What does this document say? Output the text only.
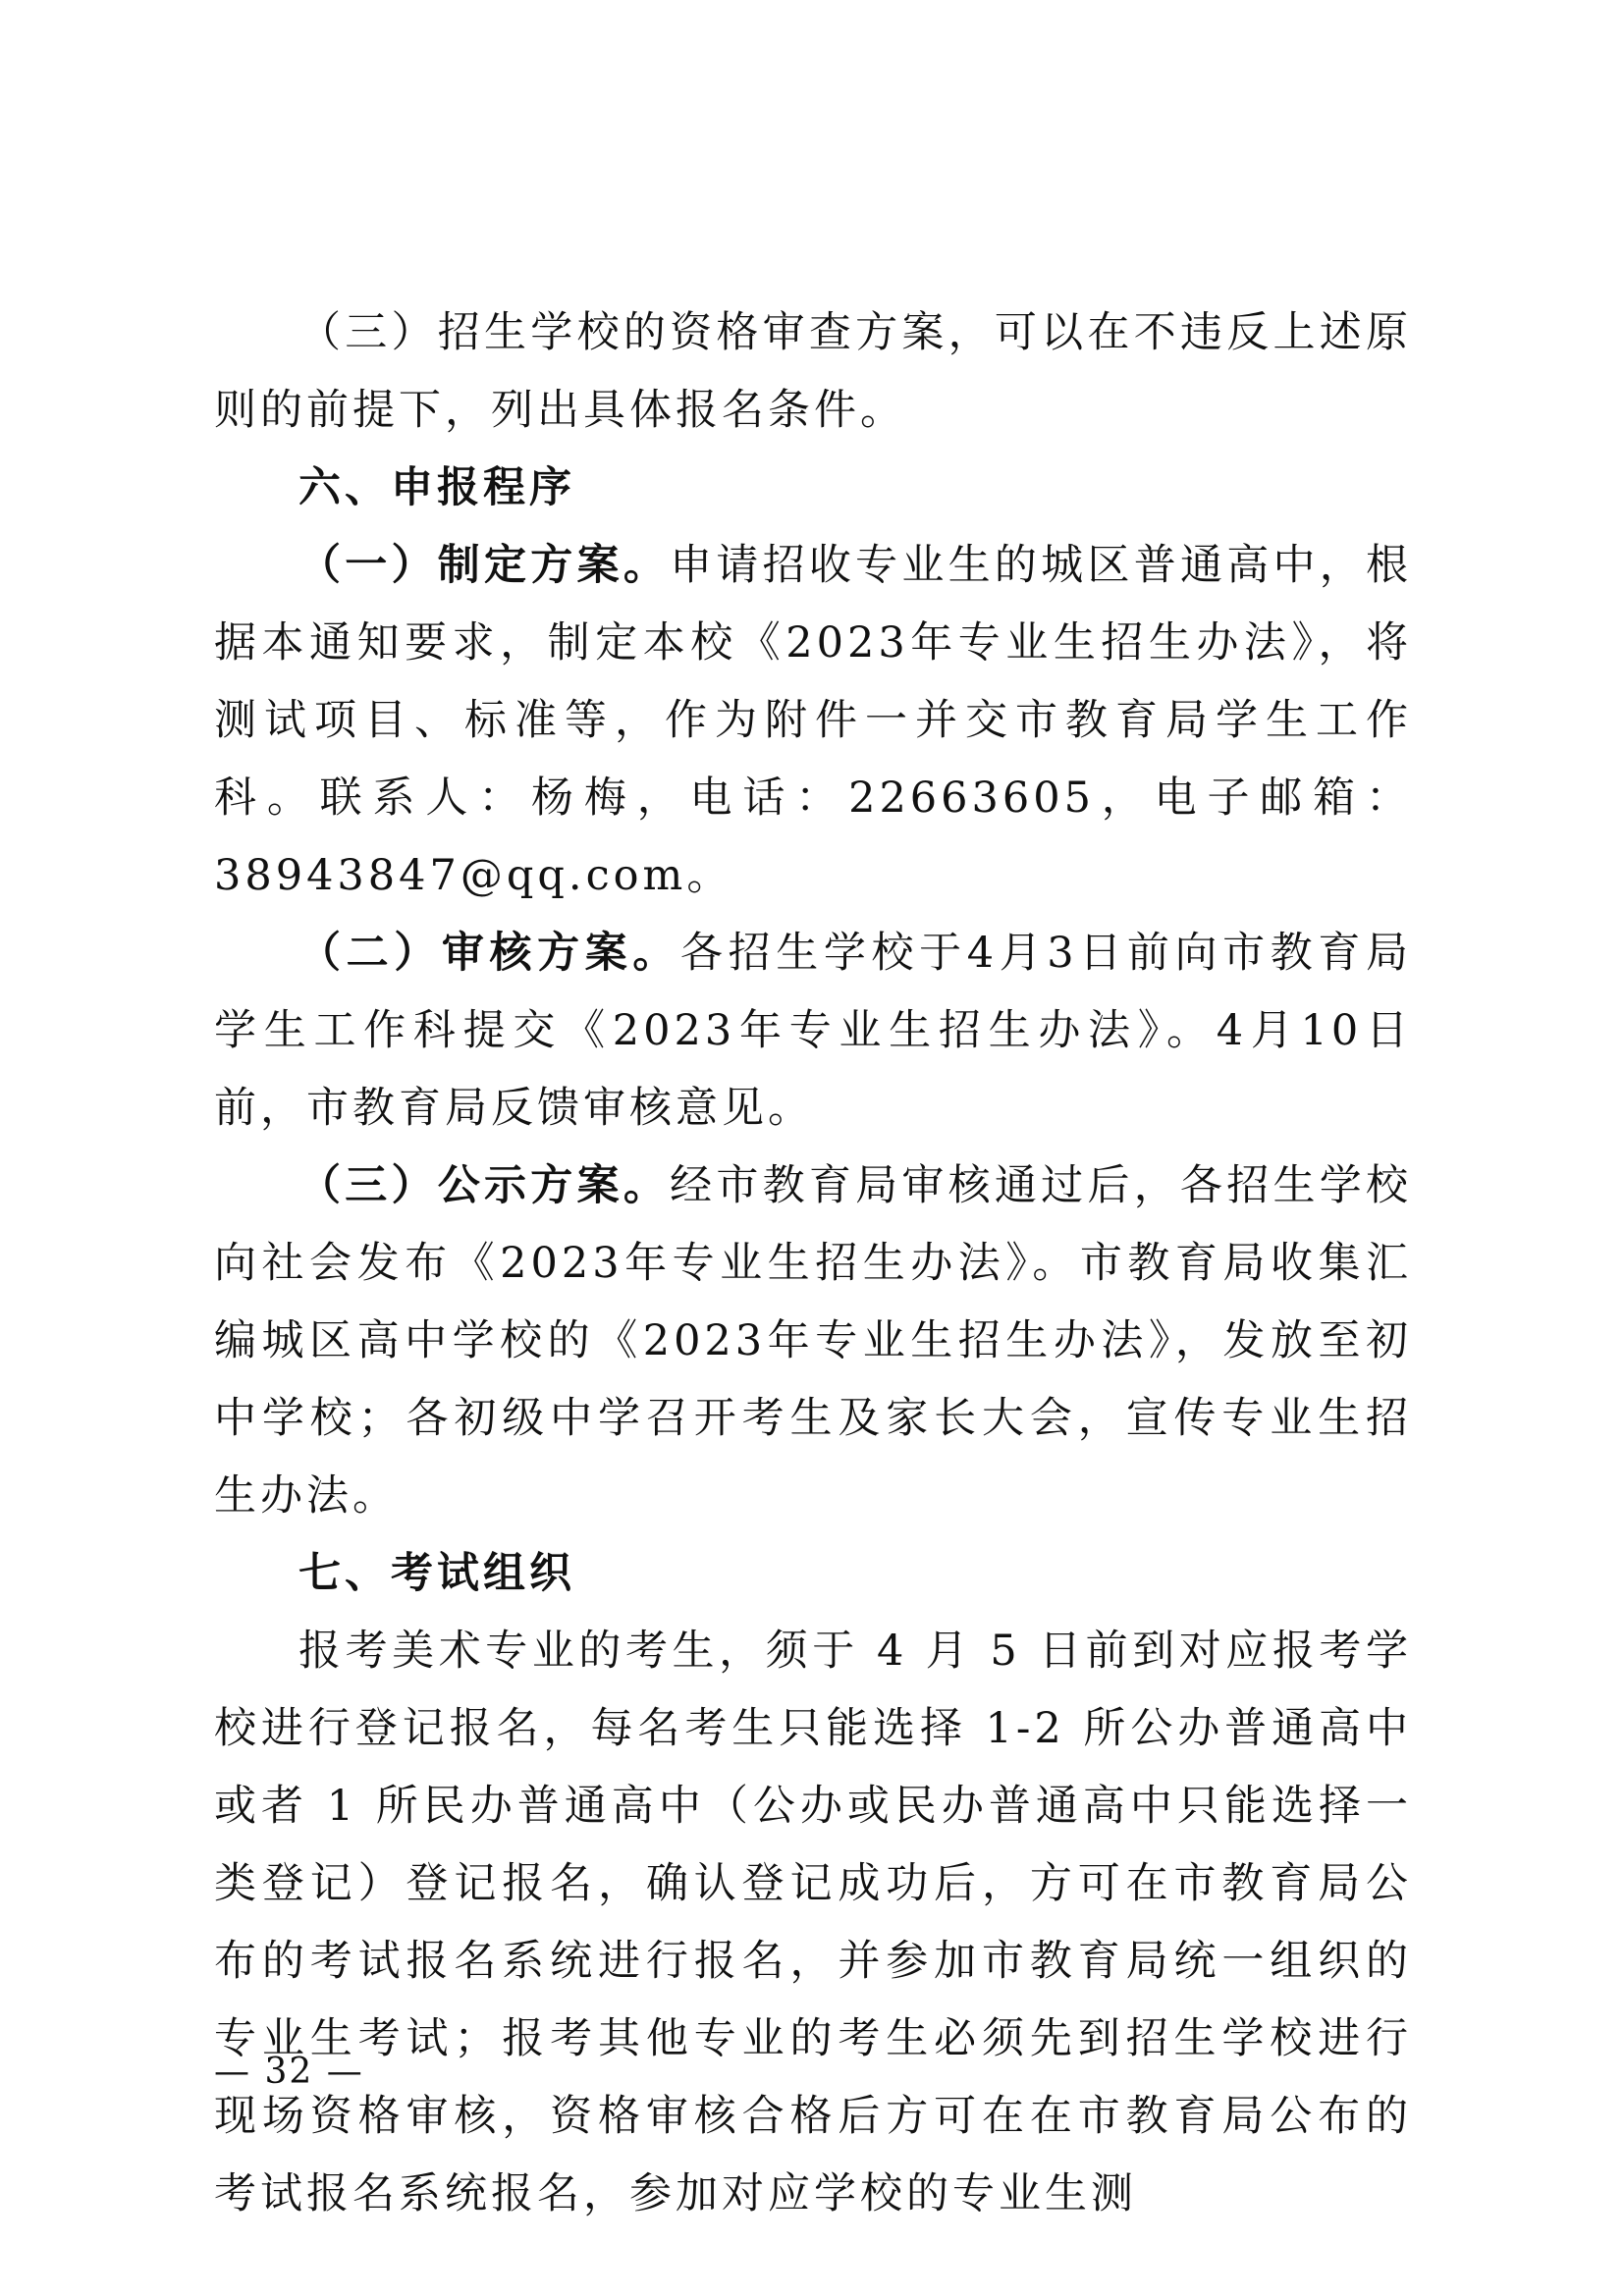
（三）招生学校的资格审查方案，可以在不违反上述原则的前提下，列出具体报名条件。

六、申报程序

（一）制定方案。申请招收专业生的城区普通高中，根据本通知要求，制定本校《2023年专业生招生办法》，将测试项目、标准等，作为附件一并交市教育局学生工作科。联系人：杨梅，电话：22663605，电子邮箱：38943847@qq.com。

（二）审核方案。各招生学校于4月3日前向市教育局学生工作科提交《2023年专业生招生办法》。4月10日前，市教育局反馈审核意见。

（三）公示方案。经市教育局审核通过后，各招生学校向社会发布《2023年专业生招生办法》。市教育局收集汇编城区高中学校的《2023年专业生招生办法》，发放至初中学校；各初级中学召开考生及家长大会，宣传专业生招生办法。

七、考试组织

报考美术专业的考生，须于 4 月 5 日前到对应报考学校进行登记报名，每名考生只能选择 1-2 所公办普通高中或者 1 所民办普通高中（公办或民办普通高中只能选择一类登记）登记报名，确认登记成功后，方可在市教育局公布的考试报名系统进行报名，并参加市教育局统一组织的专业生考试；报考其他专业的考生必须先到招生学校进行现场资格审核，资格审核合格后方可在在市教育局公布的考试报名系统报名，参加对应学校的专业生测

— 32 —
